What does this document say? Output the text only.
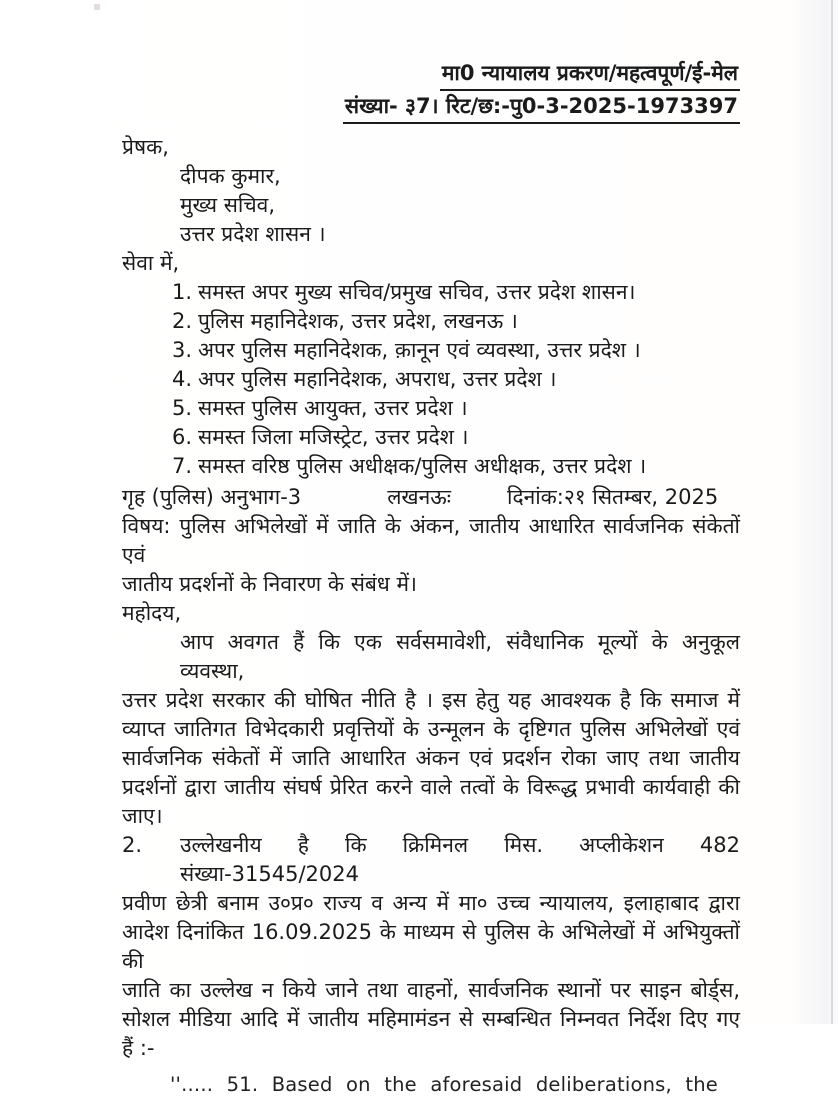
मा0 न्यायालय प्रकरण/महत्वपूर्ण/ई-मेल
संख्या- ३7। रिट/छ:-पु0-3-2025-1973397
प्रेषक,
दीपक कुमार,
मुख्य सचिव,
उत्तर प्रदेश शासन ।
सेवा में,
1. समस्त अपर मुख्य सचिव/प्रमुख सचिव, उत्तर प्रदेश शासन।
2. पुलिस महानिदेशक, उत्तर प्रदेश, लखनऊ ।
3. अपर पुलिस महानिदेशक, क़ानून एवं व्यवस्था, उत्तर प्रदेश ।
4. अपर पुलिस महानिदेशक, अपराध, उत्तर प्रदेश ।
5. समस्त पुलिस आयुक्त, उत्तर प्रदेश ।
6. समस्त जिला मजिस्ट्रेट, उत्तर प्रदेश ।
7. समस्त वरिष्ठ पुलिस अधीक्षक/पुलिस अधीक्षक, उत्तर प्रदेश ।
गृह (पुलिस) अनुभाग-3	लखनऊः	दिनांक:२१ सितम्बर, 2025
विषय: पुलिस अभिलेखों में जाति के अंकन, जातीय आधारित सार्वजनिक संकेतों एवं
जातीय प्रदर्शनों के निवारण के संबंध में।
महोदय,
आप अवगत हैं कि एक सर्वसमावेशी, संवैधानिक मूल्यों के अनुकूल व्यवस्था,
उत्तर प्रदेश सरकार की घोषित नीति है । इस हेतु यह आवश्यक है कि समाज में
व्याप्त जातिगत विभेदकारी प्रवृत्तियों के उन्मूलन के दृष्टिगत पुलिस अभिलेखों एवं
सार्वजनिक संकेतों में जाति आधारित अंकन एवं प्रदर्शन रोका जाए तथा जातीय
प्रदर्शनों द्वारा जातीय संघर्ष प्रेरित करने वाले तत्वों के विरूद्ध प्रभावी कार्यवाही की
जाए।
2.	उल्लेखनीय है कि क्रिमिनल मिस. अप्लीकेशन 482 संख्या-31545/2024
प्रवीण छेत्री बनाम उ०प्र० राज्य व अन्य में मा० उच्च न्यायालय, इलाहाबाद द्वारा
आदेश दिनांकित 16.09.2025 के माध्यम से पुलिस के अभिलेखों में अभियुक्तों की
जाति का उल्लेख न किये जाने तथा वाहनों, सार्वजनिक स्थानों पर साइन बोर्ड्स,
सोशल मीडिया आदि में जातीय महिमामंडन से सम्बन्धित निम्नवत निर्देश दिए गए
हैं :-
''..... 51. Based on the aforesaid deliberations, the
